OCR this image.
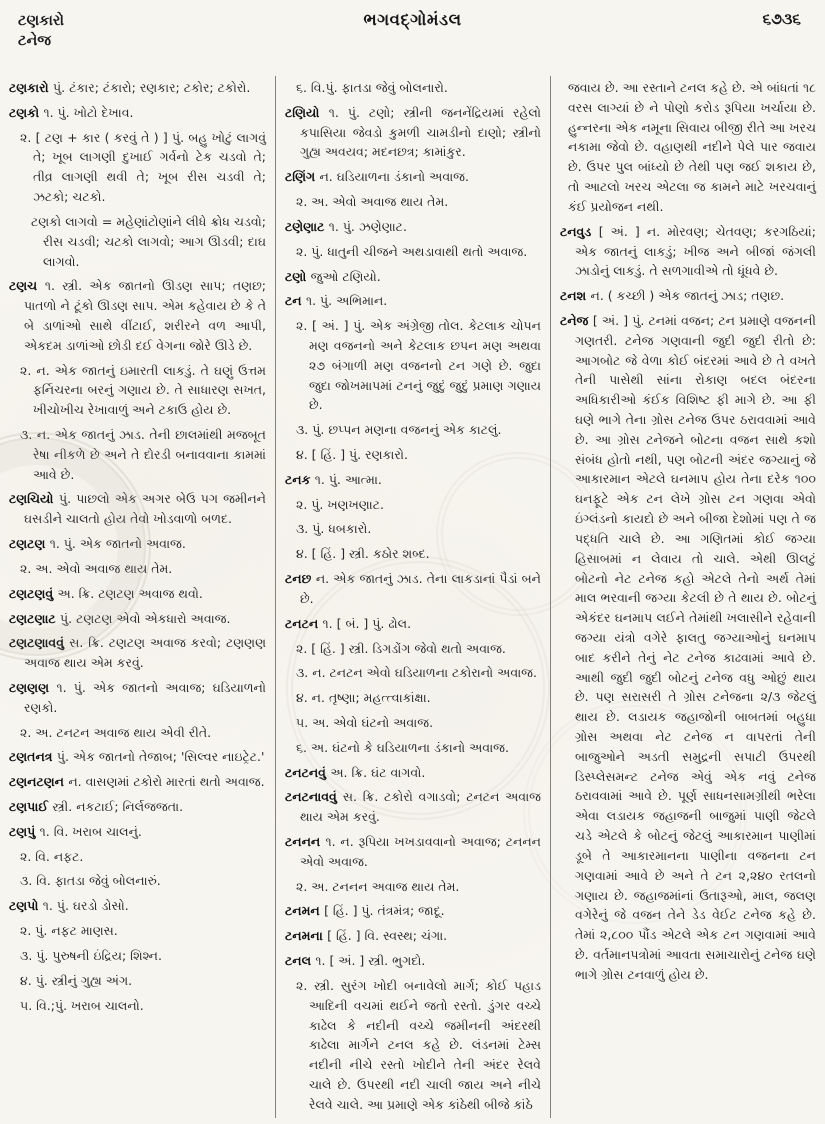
ટણકારો
ટનેજ
ભગવદ્ગોમંડલ	૬૭૩૬

ટણકારો પું. ટંકાર; ટંકારો; રણકાર; ટકોર; ટકોરો.

ટણકો ૧. પું. ખોટો દેખાવ.

૨. [ ટણ + કાર ( કરવું તે ) ] પું. બહુ ખોટું લાગવું તે; ખૂબ લાગણી દુખાઈ ગર્વનો ટેક ચડવો તે; તીવ્ર લાગણી થવી તે; ખૂબ રીસ ચડવી તે; ઝટકો; ચટકો.

ટણકો લાગવો = મહેણાંટોણાંને લીધે ક્રોધ ચડવો; રીસ ચડવી; ચટકો લાગવો; આગ ઊડવી; દાઘ લાગવો.

ટણચ ૧. સ્ત્રી. એક જાતનો ઊડણ સાપ; તણછ; પાતળો ને ટૂંકો ઊડણ સાપ. એમ કહેવાય છે કે તે બે ડાળાંઓ સાથે વીંટાઈ, શરીરને વળ આપી, એકદમ ડાળાંઓ છોડી દઈ વેગના જોરે ઊડે છે.

૨. ન. એક જાતનું ઇમારતી લાકડું. તે ઘણું ઉત્તમ ફર્નિચરના બરનું ગણાય છે. તે સાધારણ સખત, ખીચોખીચ રેખાવાળું અને ટકાઉ હોય છે.

૩. ન. એક જાતનું ઝાડ. તેની છાલમાંથી મજબૂત રેષા નીકળે છે અને તે દોરડી બનાવવાના કામમાં આવે છે.

ટણચિયો પું. પાછલો એક અગર બેઉ પગ જમીનને ઘસડીને ચાલતો હોય તેવો ખોડવાળો બળદ.

ટણટણ ૧. પું. એક જાતનો અવાજ.

૨. અ. એવો અવાજ થાય તેમ.

ટણટણવું અ. ક્રિ. ટણટણ અવાજ થવો.

ટણટણાટ પું. ટણટણ એવો એકધારો અવાજ.

ટણટણાવવું સ. ક્રિ. ટણટણ અવાજ કરવો; ટણણણ અવાજ થાય એમ કરવું.

ટણણણ ૧. પું. એક જાતનો અવાજ; ઘડિયાળનો રણકો.

૨. અ. ટનટન અવાજ થાય એવી રીતે.

ટણતનત્ર પું. એક જાતનો તેજાબ; 'સિલ્વર નાઇટ્રેટ.'

ટણનટણન ન. વાસણમાં ટકોરો મારતાં થતો અવાજ.

ટણપાઈ સ્ત્રી. નકટાઈ; નિર્લજજતા.

ટણપું ૧. વિ. ખરાબ ચાલનું.

૨. વિ. નફટ.

૩. વિ. ફાતડા જેવું બોલનારું.

ટણપો ૧. પું. ઘરડો ડોસો.

૨. પું. નફટ માણસ.

૩. પું. પુરુષની ઇંદ્રિય; શિશ્ન.

૪. પું. સ્ત્રીનું ગુહ્ય અંગ.

૫. વિ.;પું. ખરાબ ચાલનો.

૬. વિ.પું. ફાતડા જેવું બોલનારો.

ટણિયો ૧. પું. ટણો; સ્ત્રીની જનનેંદ્રિયમાં રહેલો કપાસિયા જેવડો કુમળી ચામડીનો દાણો; સ્ત્રીનો ગુહ્ય અવયવ; મદનછત્ર; કામાંકુર.

ટણિંગ ન. ઘડિયાળના ડંકાનો અવાજ.

૨. અ. એવો અવાજ થાય તેમ.

ટણેણાટ ૧. પું. ઝણેણાટ.

૨. પું. ધાતુની ચીજને અથડાવાથી થતો અવાજ.

ટણો જુઓ ટણિયો.

ટન ૧. પું. અભિમાન.

૨. [ અં. ] પું. એક અંગ્રેજી તોલ. કેટલાક ચોપન મણ વજનનો અને કેટલાક છપન મણ અથવા ૨૭ બંગાળી મણ વજનનો ટન ગણે છે. જુદા જુદા જોખમાપમાં ટનનું જુદું જુદું પ્રમાણ ગણાય છે.

૩. પું. છપ્પન મણના વજનનું એક કાટલું.

૪. [ હિં. ] પું. રણકારો.

ટનક ૧. પું. આત્મા.

૨. પું. ખણખણાટ.

૩. પું. ધબકારો.

૪. [ હિં. ] સ્ત્રી. કઠોર શબ્દ.

ટનછ ન. એક જાતનું ઝાડ. તેના લાકડાનાં પૈડાં બને છે.

ટનટન ૧. [ બં. ] પું. ઢોલ.

૨. [ હિં. ] સ્ત્રી. ડિગડોંગ જેવો થતો અવાજ.

૩. ન. ટનટન એવો ઘડિયાળના ટકોરાનો અવાજ.

૪. ન. તૃષ્ણા; મહત્ત્વાકાંક્ષા.

૫. અ. એવો ઘંટનો અવાજ.

૬. અ. ઘંટનો કે ઘડિયાળના ડંકાનો અવાજ.

ટનટનવું અ. ક્રિ. ઘંટ વાગવો.

ટનટનાવવું સ. ક્રિ. ટકોરો વગાડવો; ટનટન અવાજ થાય એમ કરવું.

ટનનન ૧. ન. રૂપિયા ખખડાવવાનો અવાજ; ટનનન એવો અવાજ.

૨. અ. ટનનન અવાજ થાય તેમ.

ટનમન [ હિં. ] પું. તંત્રમંત્ર; જાદૂ.

ટનમના [ હિં. ] વિ. સ્વસ્થ; ચંગા.

ટનલ ૧. [ અં. ] સ્ત્રી. ભુગદો.

૨. સ્ત્રી. સુરંગ ખોદી બનાવેલો માર્ગ; કોઈ પહાડ આદિની વચમાં થઈને જતો રસ્તો. ડુંગર વચ્ચે કાઢેલ કે નદીની વચ્ચે જમીનની અંદરથી કાઢેલા માર્ગને ટનલ કહે છે. લંડનમાં ટેમ્સ નદીની નીચે રસ્તો ખોદીને તેની અંદર રેલવે ચાલે છે. ઉપરથી નદી ચાલી જાય અને નીચે રેલવે ચાલે. આ પ્રમાણે એક કાંઠેથી બીજે કાંઠે

જવાય છે. આ રસ્તાને ટનલ કહે છે. એ બાંધતાં ૧૮ વરસ લાગ્યાં છે ને પોણો કરોડ રૂપિયા ખર્ચાયા છે. હુન્નરના એક નમૂના સિવાય બીજી રીતે આ ખરચ નકામા જેવો છે. વહાણથી નદીને પેલે પાર જવાય છે. ઉપર પુલ બાંધ્યો છે તેથી પણ જઈ શકાય છે, તો આટલો ખરચ એટલા જ કામને માટે ખરચવાનું કંઈ પ્રયોજન નથી.

ટનવુડ [ અં. ] ન. મોરવણ; ચેતવણ; કરગઠિયાં; એક જાતનું લાકડું; ખીજ અને બીજાં જંગલી ઝાડોનું લાકડું. તે સળગાવીએ તો ધૂંધવે છે.

ટનશ ન. ( કચ્છી ) એક જાતનું ઝાડ; તણછ.

ટનેજ [ અં. ] પું. ટનમાં વજન; ટન પ્રમાણે વજનની ગણતરી. ટનેજ ગણવાની જુદી જુદી રીતો છે: આગબોટ જે વેળા કોઈ બંદરમાં આવે છે તે વખતે તેની પાસેથી સાંના રોકાણ બદલ બંદરના અધિકારીઓ કંઈક વિશિષ્ટ ફી માગે છે. આ ફી ઘણે ભાગે તેના ગ્રોસ ટનેજ ઉપર ઠરાવવામાં આવે છે. આ ગ્રોસ ટનેજને બોટના વજન સાથે કશો સંબંધ હોતો નથી, પણ બોટની અંદર જગ્યાનું જે આકારમાન એટલે ઘનમાપ હોય તેના દરેક ૧૦૦ ઘનફૂટે એક ટન લેખે ગ્રોસ ટન ગણવા એવો ઇંગ્લંડનો કાયદો છે અને બીજા દેશોમાં પણ તે જ પદ્ધતિ ચાલે છે. આ ગણિતમાં કોઈ જગ્યા હિસાબમાં ન લેવાય તો ચાલે. એથી ઊલટું બોટનો નેટ ટનેજ કહો એટલે તેનો અર્થ તેમાં માલ ભરવાની જગ્યા કેટલી છે તે થાય છે. બોટનું એકંદર ઘનમાપ લઈને તેમાંથી ખલાસીને રહેવાની જગ્યા યંત્રો વગેરે ફાલતુ જગ્યાઓનું ઘનમાપ બાદ કરીને તેનું નેટ ટનેજ કાઢવામાં આવે છે. આથી જુદી જુદી બોટનું ટનેજ વધુ ઓછું થાય છે. પણ સરાસરી તે ગ્રોસ ટનેજના ૨/૩ જેટલું થાય છે. લડાયક જહાજોની બાબતમાં બહુધા ગ્રોસ અથવા નેટ ટનેજ ન વાપરતાં તેની બાજુઓને અડતી સમુદ્રની સપાટી ઉપરથી ડિસ્પ્લેસમન્ટ ટનેજ એવું એક નવું ટનેજ ઠરાવવામાં આવે છે. પૂર્ણ સાધનસામગ્રીથી ભરેલા એવા લડાયક જહાજની બાજુમાં પાણી જેટલે ચડે એટલે કે બોટનું જેટલું આકારમાન પાણીમાં ડૂબે તે આકારમાનના પાણીના વજનના ટન ગણવામાં આવે છે અને તે ટન ૨,૨૪૦ રતલનો ગણાય છે. જહાજમાંનાં ઉતારૂઓ, માલ, જલણ વગેરેનું જે વજન તેને ડેડ વેઈટ ટનેજ કહે છે. તેમાં ૨,૮૦૦ પૌંડ એટલે એક ટન ગણવામાં આવે છે. વર્તમાનપત્રોમાં આવતા સમાચારોનું ટનેજ ઘણે ભાગે ગ્રોસ ટનવાળું હોય છે.
